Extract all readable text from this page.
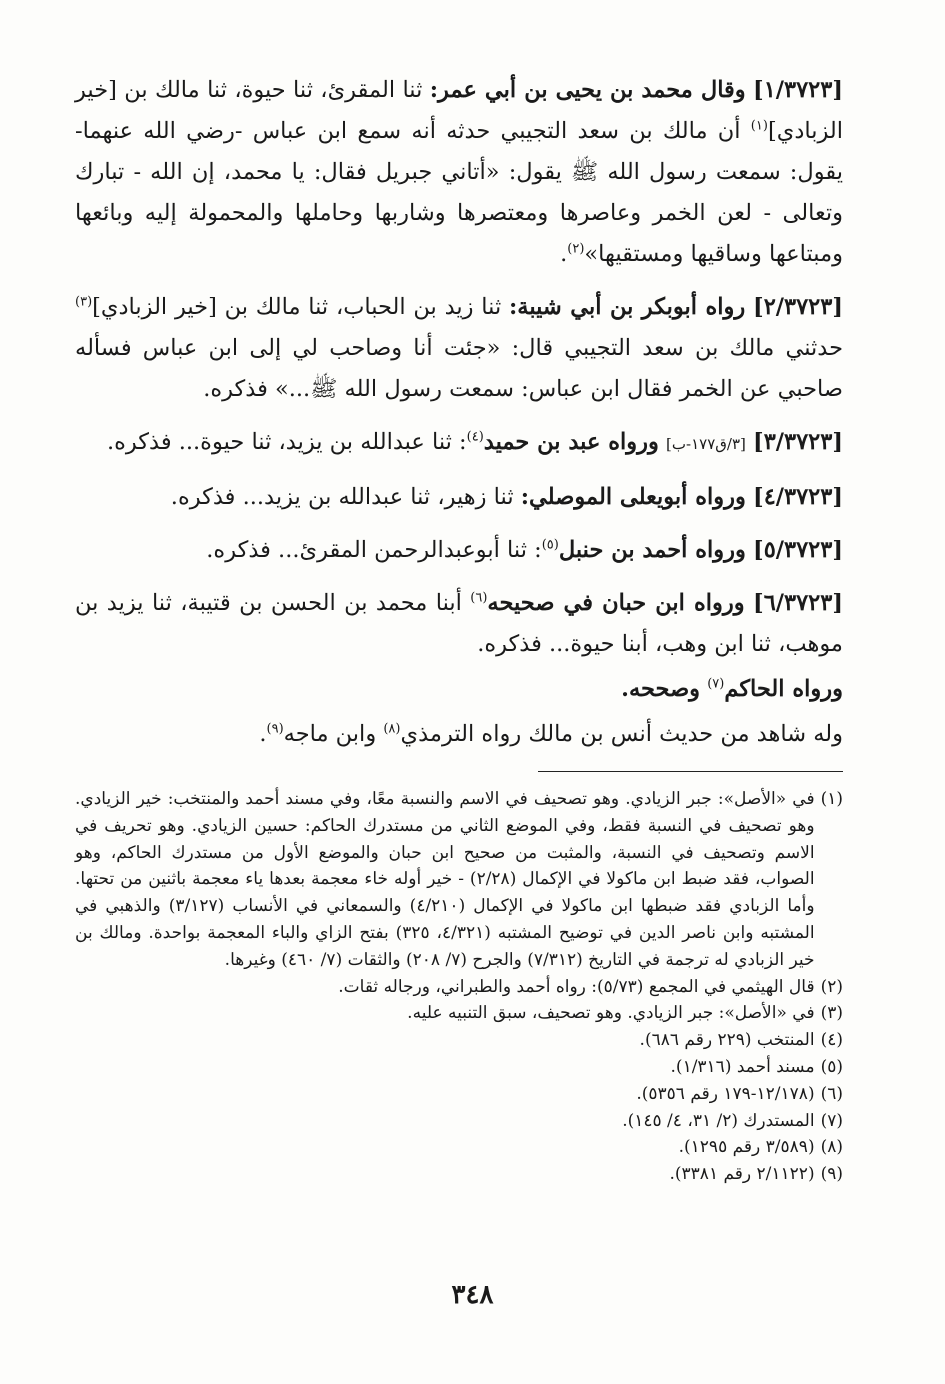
[١/٣٧٢٣] وقال محمد بن يحيى بن أبي عمر: ثنا المقرئ، ثنا حيوة، ثنا مالك بن [خير الزبادي]$^{(١)}$ أن مالك بن سعد التجيبي حدثه أنه سمع ابن عباس -رضي الله عنهما- يقول: سمعت رسول الله ﷺ يقول: «أتاني جبريل فقال: يا محمد، إن الله - تبارك وتعالى - لعن الخمر وعاصرها ومعتصرها وشاربها وحاملها والمحمولة إليه وبائعها ومبتاعها وساقيها ومستقيها»$^{(٢)}$.

[٢/٣٧٢٣] رواه أبوبكر بن أبي شيبة: ثنا زيد بن الحباب، ثنا مالك بن [خير الزبادي]$^{(٣)}$ حدثني مالك بن سعد التجيبي قال: «جئت أنا وصاحب لي إلى ابن عباس فسأله صاحبي عن الخمر فقال ابن عباس: سمعت رسول الله ﷺ...» فذكره.

[٣/٣٧٢٣] [٣/ق١٧٧-ب] ورواه عبد بن حميد$^{(٤)}$: ثنا عبدالله بن يزيد، ثنا حيوة... فذكره.

[٤/٣٧٢٣] ورواه أبويعلى الموصلي: ثنا زهير، ثنا عبدالله بن يزيد... فذكره.

[٥/٣٧٢٣] ورواه أحمد بن حنبل$^{(٥)}$: ثنا أبوعبدالرحمن المقرئ... فذكره.

[٦/٣٧٢٣] ورواه ابن حبان في صحيحه$^{(٦)}$ أبنا محمد بن الحسن بن قتيبة، ثنا يزيد بن موهب، ثنا ابن وهب، أبنا حيوة... فذكره.

ورواه الحاكم$^{(٧)}$ وصححه.

وله شاهد من حديث أنس بن مالك رواه الترمذي$^{(٨)}$ وابن ماجه$^{(٩)}$.

(١)
في «الأصل»: جبر الزيادي. وهو تصحيف في الاسم والنسبة معًا، وفي مسند أحمد والمنتخب: خير الزيادي. وهو تصحيف في النسبة فقط، وفي الموضع الثاني من مستدرك الحاكم: حسين الزيادي. وهو تحريف في الاسم وتصحيف في النسبة، والمثبت من صحيح ابن حبان والموضع الأول من مستدرك الحاكم، وهو الصواب، فقد ضبط ابن ماكولا في الإكمال (٢/٢٨) - خير أوله خاء معجمة بعدها ياء معجمة باثنين من تحتها. وأما الزبادي فقد ضبطها ابن ماكولا في الإكمال (٤/٢١٠) والسمعاني في الأنساب (٣/١٢٧) والذهبي في المشتبه وابن ناصر الدين في توضيح المشتبه (٤/٣٢١، ٣٢٥) بفتح الزاي والباء المعجمة بواحدة. ومالك بن خير الزبادي له ترجمة في التاريخ (٧/٣١٢) والجرح (٧/ ٢٠٨) والثقات (٧/ ٤٦٠) وغيرها.
(٢)
قال الهيثمي في المجمع (٥/٧٣): رواه أحمد والطبراني، ورجاله ثقات.
(٣)
في «الأصل»: جبر الزيادي. وهو تصحيف، سبق التنبيه عليه.
(٤)
المنتخب (٢٢٩ رقم ٦٨٦).
(٥)
مسند أحمد (١/٣١٦).
(٦)
(١٢/١٧٨-١٧٩ رقم ٥٣٥٦).
(٧)
المستدرك (٢/ ٣١، ٤/ ١٤٥).
(٨)
(٣/٥٨٩ رقم ١٢٩٥).
(٩)
(٢/١١٢٢ رقم ٣٣٨١).
٣٤٨
